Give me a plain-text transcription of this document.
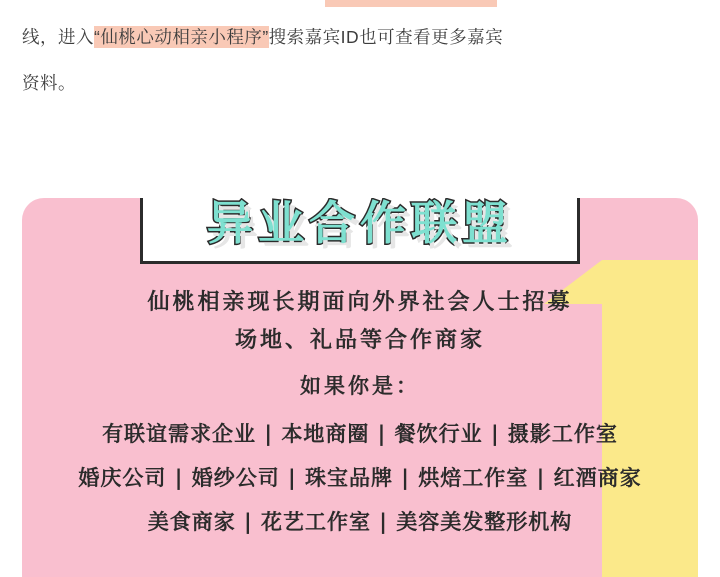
线，进入“仙桃心动相亲小程序”搜索嘉宾ID也可查看更多嘉宾
资料。
异业合作联盟
仙桃相亲现长期面向外界社会人士招募
场地、礼品等合作商家
如果你是：
有联谊需求企业 | 本地商圈 | 餐饮行业 | 摄影工作室
婚庆公司 | 婚纱公司 | 珠宝品牌 | 烘焙工作室 | 红酒商家
美食商家 | 花艺工作室 | 美容美发整形机构
